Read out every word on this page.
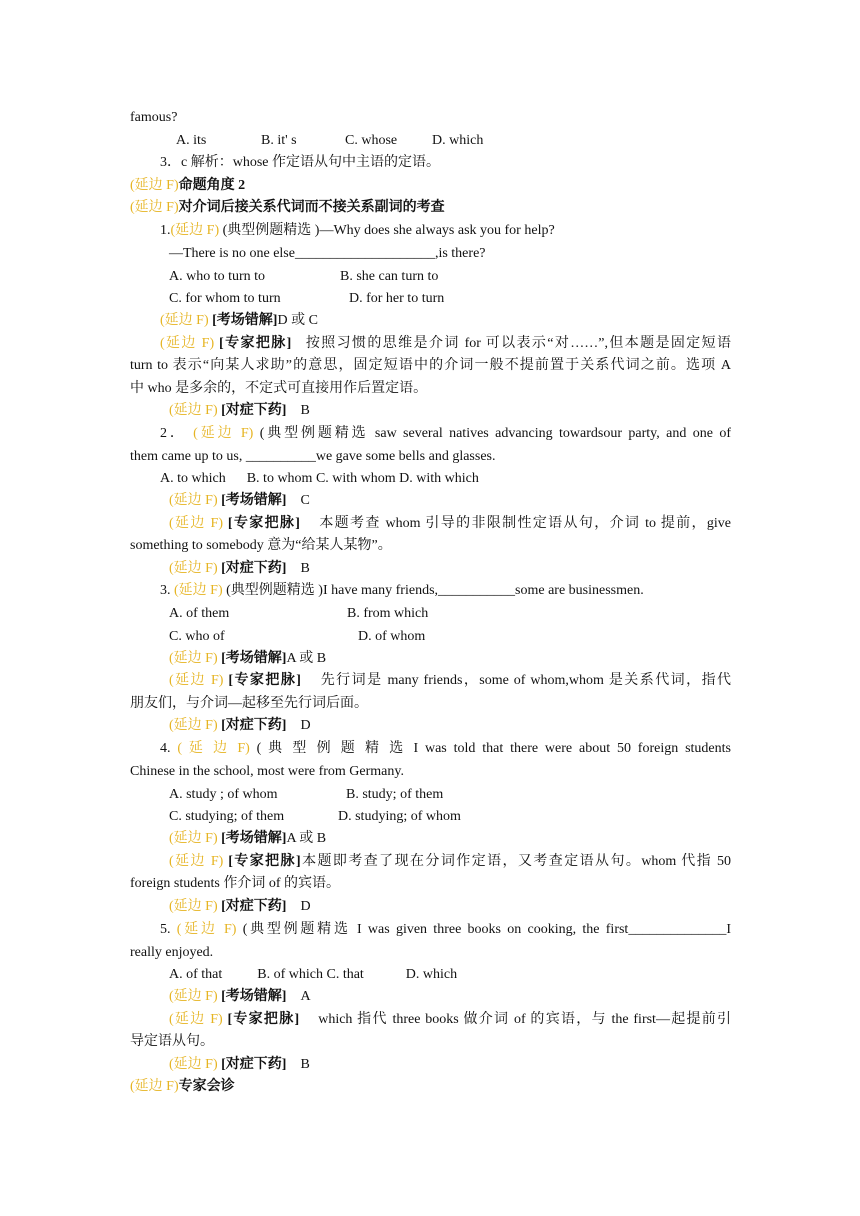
famous?
A. its	B. it' s	C. whose D. which
3．c 解析：whose 作定语从句中主语的定语。
(延边 F)命题角度 2
(延边 F)对介词后接关系代词而不接关系副词的考查
1.(延边 F) (典型例题精选 )—Why does she always ask you for help?
—There is no one else____________________,is there?
A. who to turn to	B. she can turn to
C. for whom to turn	D. for her to turn
(延边 F) [考场错解]D 或 C
(延边 F) [专家把脉] 按照习惯的思维是介词 for 可以表示“对……”,但本题是固定短语
turn to 表示“向某人求助”的意思，固定短语中的介词一般不提前置于关系代词之前。选项 A
中 who 是多余的，不定式可直接用作后置定语。
(延边 F) [对症下药] B
2． (延边 F) (典型例题精选 saw several natives advancing towardsour party, and one of
them came up to us, __________we gave some bells and glasses.
A. to which      B. to whom C. with whom D. with which
(延边 F) [考场错解] C
(延边 F) [专家把脉] 本题考查 whom 引导的非限制性定语从句，介词 to 提前，give
something to somebody 意为“给某人某物”。
(延边 F) [对症下药] B
3. (延边 F) (典型例题精选 )I have many friends,___________some are businessmen.
A. of them	B. from which
C. who of	D. of whom
(延边 F) [考场错解]A 或 B
(延边 F) [专家把脉] 先行词是 many friends，some of whom,whom 是关系代词，指代
朋友们，与介词—起移至先行词后面。
(延边 F) [对症下药] D
4. ( 延 边 F) ( 典 型 例 题 精 选 I was told that there were about 50 foreign students
Chinese in the school, most were from Germany.
A. study ; of whom	B. study; of them
C. studying; of them	D. studying; of whom
(延边 F) [考场错解]A 或 B
(延边 F) [专家把脉]本题即考查了现在分词作定语，又考查定语从句。whom 代指 50
foreign students 作介词 of 的宾语。
(延边 F) [对症下药] D
5. (延边 F) (典型例题精选 I was given three books on cooking, the first______________I
really enjoyed.
A. of that          B. of which C. that            D. which
(延边 F) [考场错解] A
(延边 F) [专家把脉] which 指代 three books 做介词 of 的宾语，与 the first—起提前引
导定语从句。
(延边 F) [对症下药] B
(延边 F)专家会诊
